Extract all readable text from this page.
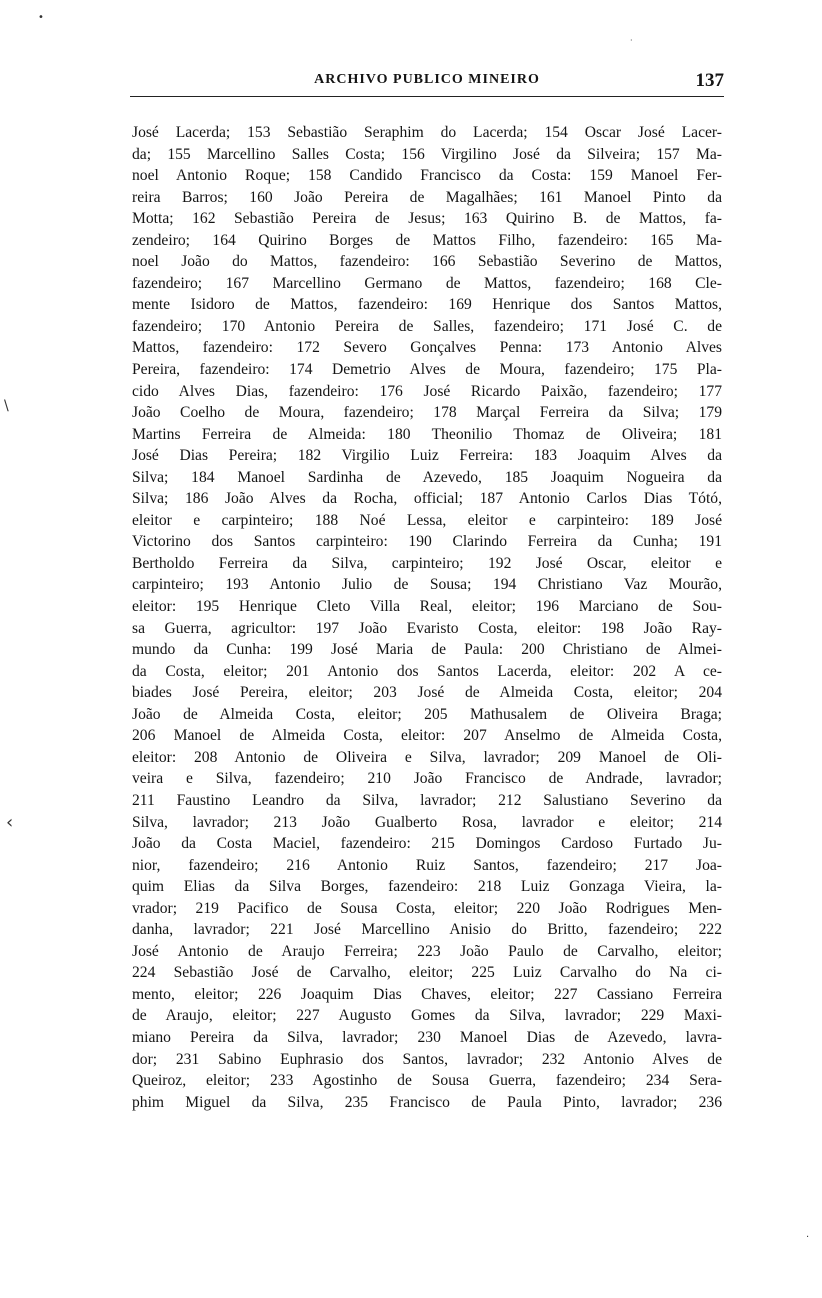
•
·
\
‹
·
ARCHIVO PUBLICO MINEIRO	137
José Lacerda; 153 Sebastião Seraphim do Lacerda; 154 Oscar José Lacer-
da; 155 Marcellino Salles Costa; 156 Virgilino José da Silveira; 157 Ma-
noel Antonio Roque; 158 Candido Francisco da Costa: 159 Manoel Fer-
reira Barros; 160 João Pereira de Magalhães; 161 Manoel Pinto da
Motta; 162 Sebastião Pereira de Jesus; 163 Quirino B. de Mattos, fa-
zendeiro; 164 Quirino Borges de Mattos Filho, fazendeiro: 165 Ma-
noel João do Mattos, fazendeiro: 166 Sebastião Severino de Mattos,
fazendeiro; 167 Marcellino Germano de Mattos, fazendeiro; 168 Cle-
mente Isidoro de Mattos, fazendeiro: 169 Henrique dos Santos Mattos,
fazendeiro; 170 Antonio Pereira de Salles, fazendeiro; 171 José C. de
Mattos, fazendeiro: 172 Severo Gonçalves Penna: 173 Antonio Alves
Pereira, fazendeiro: 174 Demetrio Alves de Moura, fazendeiro; 175 Pla-
cido Alves Dias, fazendeiro: 176 José Ricardo Paixão, fazendeiro; 177
João Coelho de Moura, fazendeiro; 178 Marçal Ferreira da Silva; 179
Martins Ferreira de Almeida: 180 Theonilio Thomaz de Oliveira; 181
José Dias Pereira; 182 Virgilio Luiz Ferreira: 183 Joaquim Alves da
Silva; 184 Manoel Sardinha de Azevedo, 185 Joaquim Nogueira da
Silva; 186 João Alves da Rocha, official; 187 Antonio Carlos Dias Tótó,
eleitor e carpinteiro; 188 Noé Lessa, eleitor e carpinteiro: 189 José
Victorino dos Santos carpinteiro: 190 Clarindo Ferreira da Cunha; 191
Bertholdo Ferreira da Silva, carpinteiro; 192 José Oscar, eleitor e
carpinteiro; 193 Antonio Julio de Sousa; 194 Christiano Vaz Mourão,
eleitor: 195 Henrique Cleto Villa Real, eleitor; 196 Marciano de Sou-
sa Guerra, agricultor: 197 João Evaristo Costa, eleitor: 198 João Ray-
mundo da Cunha: 199 José Maria de Paula: 200 Christiano de Almei-
da Costa, eleitor; 201 Antonio dos Santos Lacerda, eleitor: 202 A ce-
biades José Pereira, eleitor; 203 José de Almeida Costa, eleitor; 204
João de Almeida Costa, eleitor; 205 Mathusalem de Oliveira Braga;
206 Manoel de Almeida Costa, eleitor: 207 Anselmo de Almeida Costa,
eleitor: 208 Antonio de Oliveira e Silva, lavrador; 209 Manoel de Oli-
veira e Silva, fazendeiro; 210 João Francisco de Andrade, lavrador;
211 Faustino Leandro da Silva, lavrador; 212 Salustiano Severino da
Silva, lavrador; 213 João Gualberto Rosa, lavrador e eleitor; 214
João da Costa Maciel, fazendeiro: 215 Domingos Cardoso Furtado Ju-
nior, fazendeiro; 216 Antonio Ruiz Santos, fazendeiro; 217 Joa-
quim Elias da Silva Borges, fazendeiro: 218 Luiz Gonzaga Vieira, la-
vrador; 219 Pacifico de Sousa Costa, eleitor; 220 João Rodrigues Men-
danha, lavrador; 221 José Marcellino Anisio do Britto, fazendeiro; 222
José Antonio de Araujo Ferreira; 223 João Paulo de Carvalho, eleitor;
224 Sebastião José de Carvalho, eleitor; 225 Luiz Carvalho do Na ci-
mento, eleitor; 226 Joaquim Dias Chaves, eleitor; 227 Cassiano Ferreira
de Araujo, eleitor; 227 Augusto Gomes da Silva, lavrador; 229 Maxi-
miano Pereira da Silva, lavrador; 230 Manoel Dias de Azevedo, lavra-
dor; 231 Sabino Euphrasio dos Santos, lavrador; 232 Antonio Alves de
Queiroz, eleitor; 233 Agostinho de Sousa Guerra, fazendeiro; 234 Sera-
phim Miguel da Silva, 235 Francisco de Paula Pinto, lavrador; 236
